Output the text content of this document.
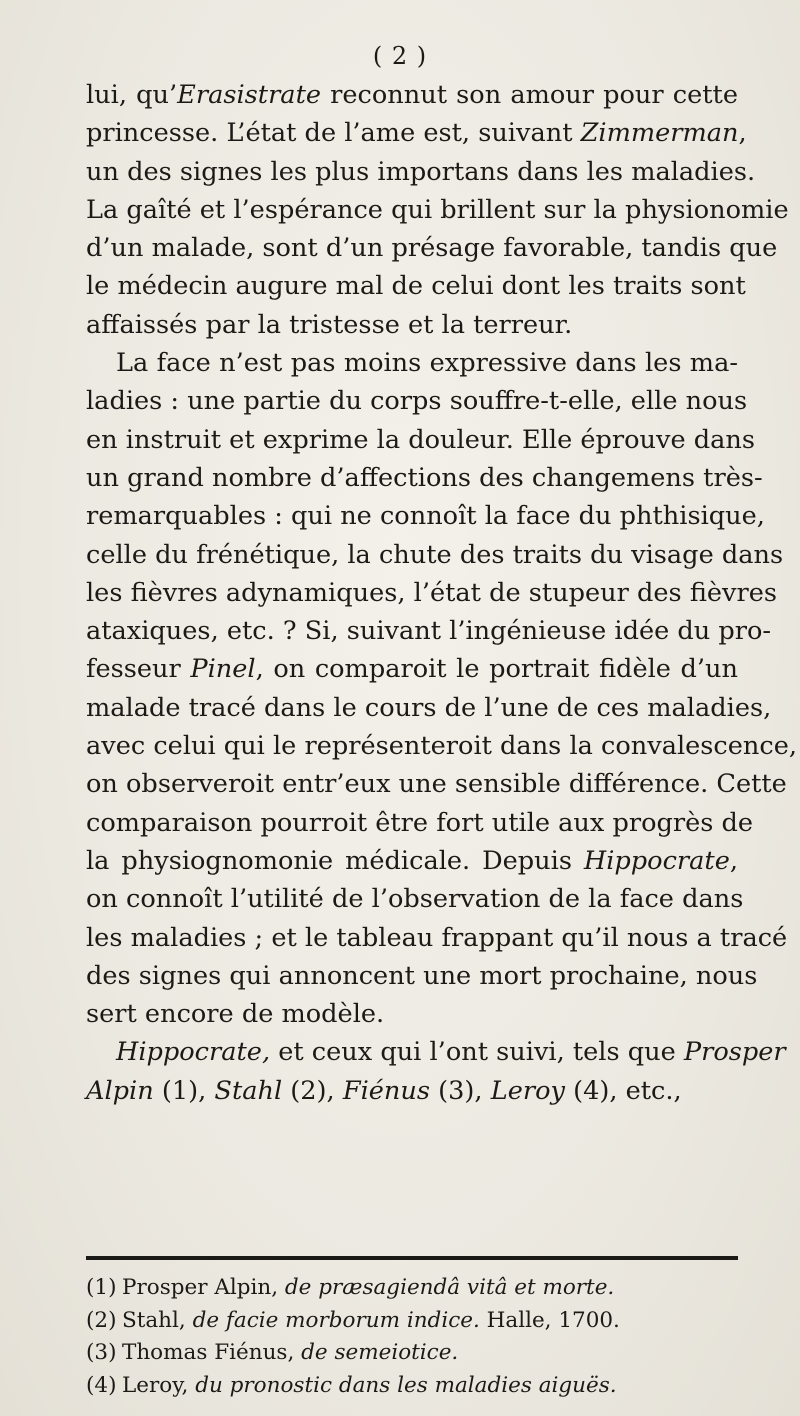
( 2 )
lui, qu’Erasistrate reconnut son amour pour cette
princesse. L’état de l’ame est, suivant Zimmerman,
un des signes les plus importans dans les maladies.
La gaîté et l’espérance qui brillent sur la physionomie
d’un malade, sont d’un présage favorable, tandis que
le médecin augure mal de celui dont les traits sont
affaissés par la tristesse et la terreur.
La face n’est pas moins expressive dans les ma-
ladies : une partie du corps souffre-t-elle, elle nous
en instruit et exprime la douleur. Elle éprouve dans
un grand nombre d’affections des changemens très-
remarquables : qui ne connoît la face du phthisique,
celle du frénétique, la chute des traits du visage dans
les fièvres adynamiques, l’état de stupeur des fièvres
ataxiques, etc. ? Si, suivant l’ingénieuse idée du pro-
fesseur Pinel, on comparoit le portrait fidèle d’un
malade tracé dans le cours de l’une de ces maladies,
avec celui qui le représenteroit dans la convalescence,
on observeroit entr’eux une sensible différence. Cette
comparaison pourroit être fort utile aux progrès de
la physiognomonie médicale. Depuis Hippocrate,
on connoît l’utilité de l’observation de la face dans
les maladies ; et le tableau frappant qu’il nous a tracé
des signes qui annoncent une mort prochaine, nous
sert encore de modèle.
Hippocrate, et ceux qui l’ont suivi, tels que Prosper
Alpin (1), Stahl (2), Fiénus (3), Leroy (4), etc.,
(1) Prosper Alpin, de præsagiendâ vitâ et morte.
(2) Stahl, de facie morborum indice. Halle, 1700.
(3) Thomas Fiénus, de semeiotice.
(4) Leroy, du pronostic dans les maladies aiguës.
